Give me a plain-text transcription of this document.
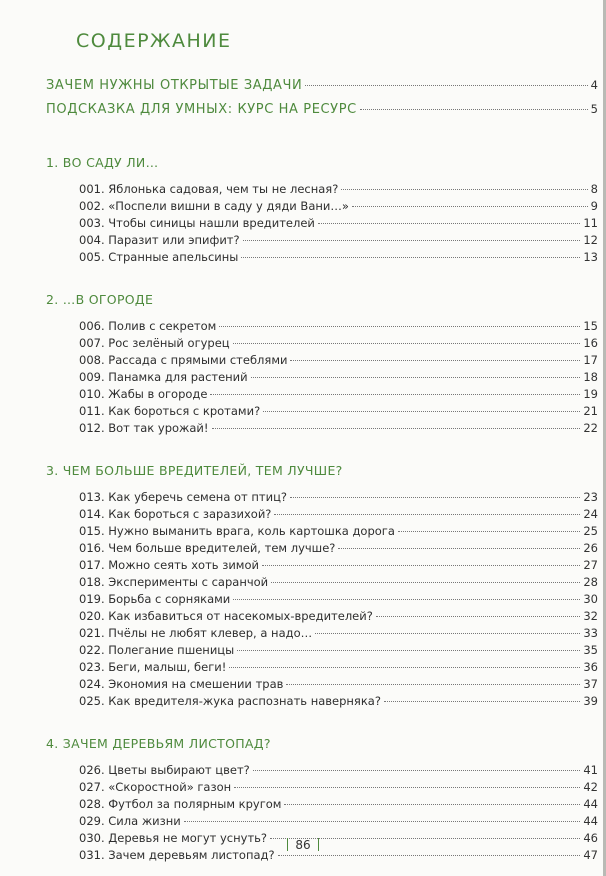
СОДЕРЖАНИЕ
ЗАЧЕМ НУЖНЫ ОТКРЫТЫЕ ЗАДАЧИ	4
ПОДСКАЗКА ДЛЯ УМНЫХ: КУРС НА РЕСУРС	5
1. ВО САДУ ЛИ…
001. Яблонька садовая, чем ты не лесная?	8
002. «Поспели вишни в саду у дяди Вани…»	9
003. Чтобы синицы нашли вредителей	11
004. Паразит или эпифит?	12
005. Странные апельсины	13
2. …В ОГОРОДЕ
006. Полив с секретом	15
007. Рос зелёный огурец	16
008. Рассада с прямыми стеблями	17
009. Панамка для растений	18
010. Жабы в огороде	19
011. Как бороться с кротами?	21
012. Вот так урожай!	22
3. ЧЕМ БОЛЬШЕ ВРЕДИТЕЛЕЙ, ТЕМ ЛУЧШЕ?
013. Как уберечь семена от птиц?	23
014. Как бороться с заразихой?	24
015. Нужно выманить врага, коль картошка дорога	25
016. Чем больше вредителей, тем лучше?	26
017. Можно сеять хоть зимой	27
018. Эксперименты с саранчой	28
019. Борьба с сорняками	30
020. Как избавиться от насекомых-вредителей?	32
021. Пчёлы не любят клевер, а надо…	33
022. Полегание пшеницы	35
023. Беги, малыш, беги!	36
024. Экономия на смешении трав	37
025. Как вредителя-жука распознать наверняка?	39
4. ЗАЧЕМ ДЕРЕВЬЯМ ЛИСТОПАД?
026. Цветы выбирают цвет?	41
027. «Скоростной» газон	42
028. Футбол за полярным кругом	44
029. Сила жизни	44
030. Деревья не могут уснуть?	46
031. Зачем деревьям листопад?	47
86
